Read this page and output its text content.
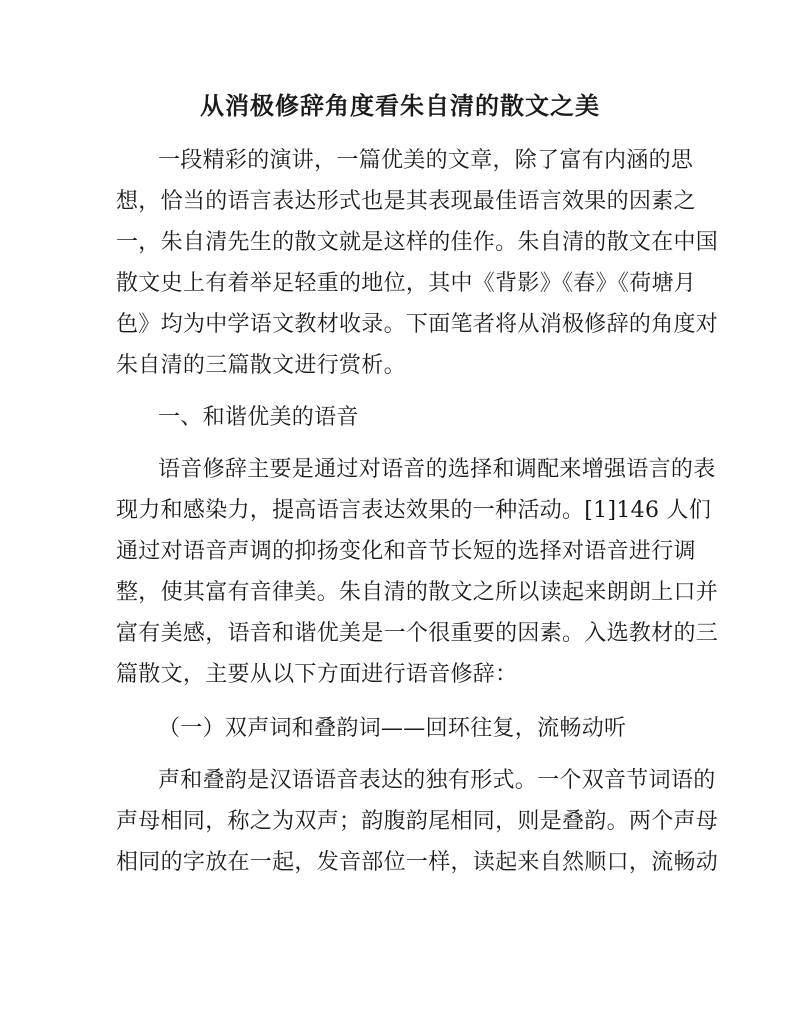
从消极修辞角度看朱自清的散文之美

一段精彩的演讲，一篇优美的文章，除了富有内涵的思

想，恰当的语言表达形式也是其表现最佳语言效果的因素之

一，朱自清先生的散文就是这样的佳作。朱自清的散文在中国

散文史上有着举足轻重的地位，其中《背影》《春》《荷塘月

色》均为中学语文教材收录。下面笔者将从消极修辞的角度对

朱自清的三篇散文进行赏析。

一、和谐优美的语音

语音修辞主要是通过对语音的选择和调配来增强语言的表

现力和感染力，提高语言表达效果的一种活动。[1]146 人们

通过对语音声调的抑扬变化和音节长短的选择对语音进行调

整，使其富有音律美。朱自清的散文之所以读起来朗朗上口并

富有美感，语音和谐优美是一个很重要的因素。入选教材的三

篇散文，主要从以下方面进行语音修辞：

（一）双声词和叠韵词——回环往复，流畅动听

声和叠韵是汉语语音表达的独有形式。一个双音节词语的

声母相同，称之为双声；韵腹韵尾相同，则是叠韵。两个声母

相同的字放在一起，发音部位一样，读起来自然顺口，流畅动
